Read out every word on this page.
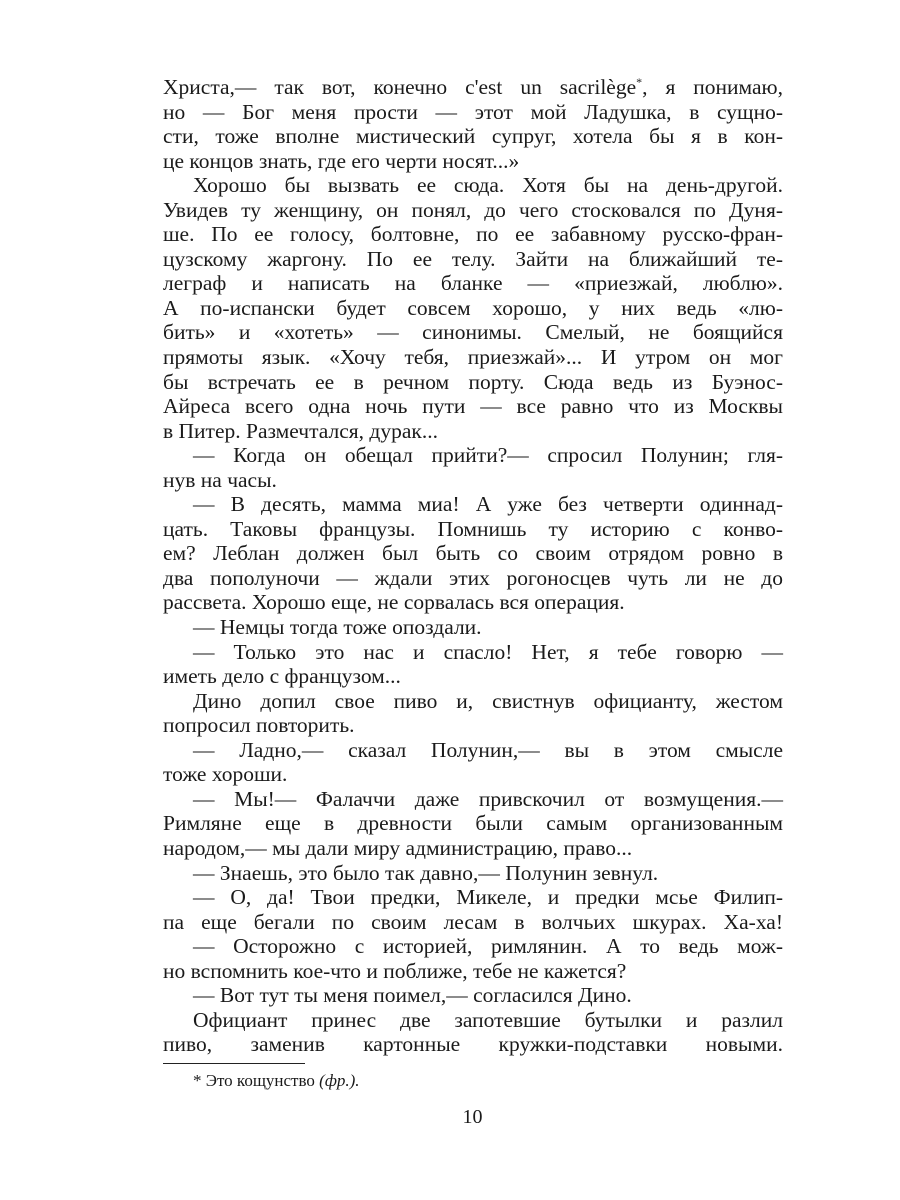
Христа,— так вот, конечно c'est un sacrilège*, я понимаю,
но — Бог меня прости — этот мой Ладушка, в сущно-
сти, тоже вполне мистический супруг, хотела бы я в кон-
це концов знать, где его черти носят...»
Хорошо бы вызвать ее сюда. Хотя бы на день-другой.
Увидев ту женщину, он понял, до чего стосковался по Дуня-
ше. По ее голосу, болтовне, по ее забавному русско-фран-
цузскому жаргону. По ее телу. Зайти на ближайший те-
леграф и написать на бланке — «приезжай, люблю».
А по-испански будет совсем хорошо, у них ведь «лю-
бить» и «хотеть» — синонимы. Смелый, не боящийся
прямоты язык. «Хочу тебя, приезжай»... И утром он мог
бы встречать ее в речном порту. Сюда ведь из Буэнос-
Айреса всего одна ночь пути — все равно что из Москвы
в Питер. Размечтался, дурак...
— Когда он обещал прийти?— спросил Полунин; гля-
нув на часы.
— В десять, мамма миа! А уже без четверти одиннад-
цать. Таковы французы. Помнишь ту историю с конво-
ем? Леблан должен был быть со своим отрядом ровно в
два пополуночи — ждали этих рогоносцев чуть ли не до
рассвета. Хорошо еще, не сорвалась вся операция.
— Немцы тогда тоже опоздали.
— Только это нас и спасло! Нет, я тебе говорю —
иметь дело с французом...
Дино допил свое пиво и, свистнув официанту, жестом
попросил повторить.
— Ладно,— сказал Полунин,— вы в этом смысле
тоже хороши.
— Мы!— Фалаччи даже привскочил от возмущения.—
Римляне еще в древности были самым организованным
народом,— мы дали миру администрацию, право...
— Знаешь, это было так давно,— Полунин зевнул.
— О, да! Твои предки, Микеле, и предки мсье Филип-
па еще бегали по своим лесам в волчьих шкурах. Ха-ха!
— Осторожно с историей, римлянин. А то ведь мож-
но вспомнить кое-что и поближе, тебе не кажется?
— Вот тут ты меня поимел,— согласился Дино.
Официант принес две запотевшие бутылки и разлил
пиво, заменив картонные кружки-подставки новыми.
* Это кощунство (фр.).
10
